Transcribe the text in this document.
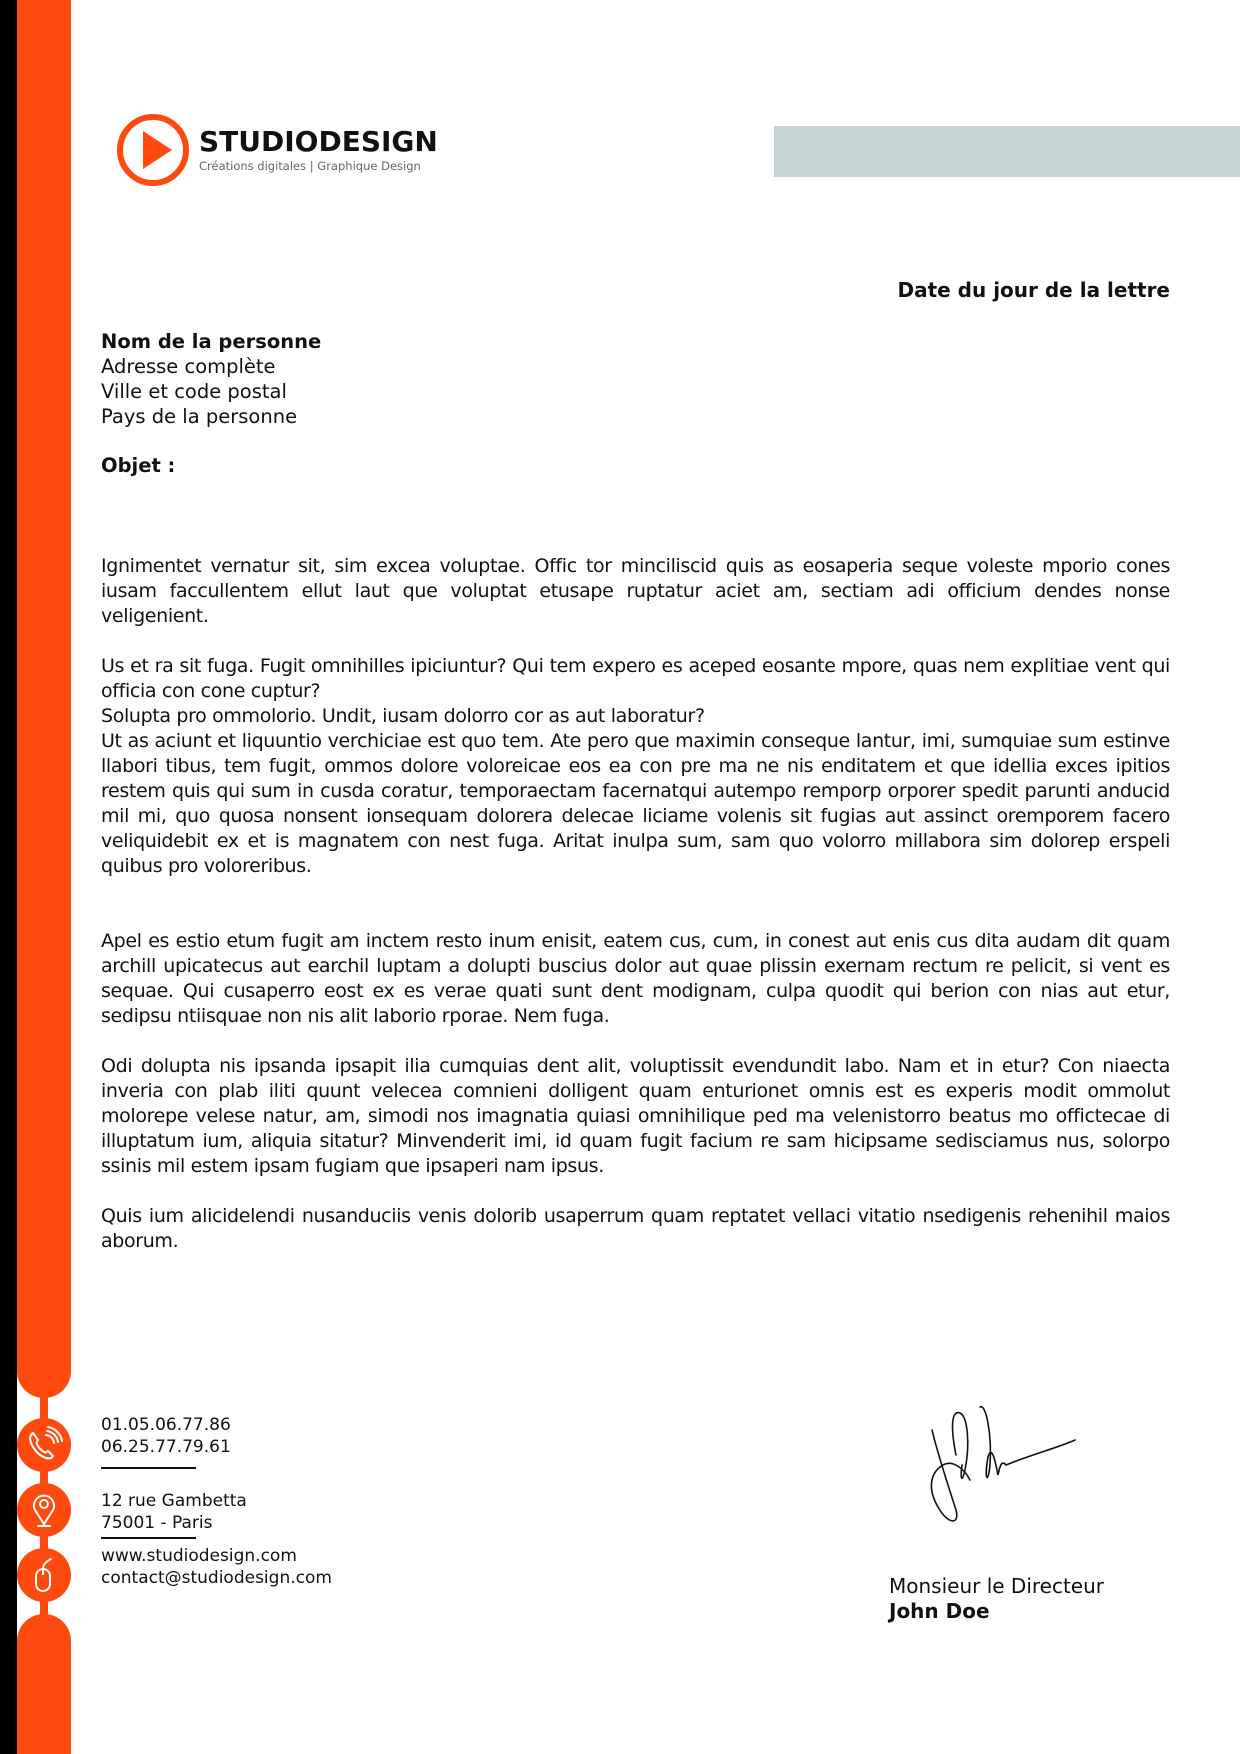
STUDIODESIGN
Créations digitales | Graphique Design
Date du jour de la lettre
Nom de la personne
Adresse complète
Ville et code postal
Pays de la personne
Objet :

Ignimentet vernatur sit, sim excea voluptae. Offic tor minciliscid quis as eosaperia seque voleste mporio cones iusam faccullentem ellut laut que voluptat etusape ruptatur aciet am, sectiam adi officium dendes nonse veligenient.

Us et ra sit fuga. Fugit omnihilles ipiciuntur? Qui tem expero es aceped eosante mpore, quas nem explitiae vent qui officia con cone cuptur?

Solupta pro ommolorio. Undit, iusam dolorro cor as aut laboratur?

Ut as aciunt et liquuntio verchiciae est quo tem. Ate pero que maximin conseque lantur, imi, sumquiae sum estinve llabori tibus, tem fugit, ommos dolore voloreicae eos ea con pre ma ne nis enditatem et que idellia exces ipitios restem quis qui sum in cusda coratur, temporaectam facernatqui autempo remporp orporer spedit parunti anducid mil mi, quo quosa nonsent ionsequam dolorera delecae liciame volenis sit fugias aut assinct oremporem facero veliquidebit ex et is magnatem con nest fuga. Aritat inulpa sum, sam quo volorro millabora sim dolorep erspeli quibus pro voloreribus.

Apel es estio etum fugit am inctem resto inum enisit, eatem cus, cum, in conest aut enis cus dita audam dit quam archill upicatecus aut earchil luptam a dolupti buscius dolor aut quae plissin exernam rectum re pelicit, si vent es sequae. Qui cusaperro eost ex es verae quati sunt dent modignam, culpa quodit qui berion con nias aut etur, sedipsu ntiisquae non nis alit laborio rporae. Nem fuga.

Odi dolupta nis ipsanda ipsapit ilia cumquias dent alit, voluptissit evendundit labo. Nam et in etur? Con niaecta inveria con plab iliti quunt velecea comnieni dolligent quam enturionet omnis est es experis modit ommolut molorepe velese natur, am, simodi nos imagnatia quiasi omnihilique ped ma velenistorro beatus mo offictecae di illuptatum ium, aliquia sitatur? Minvenderit imi, id quam fugit facium re sam hicipsame sedisciamus nus, solorpo ssinis mil estem ipsam fugiam que ipsaperi nam ipsus.

Quis ium alicidelendi nusanduciis venis dolorib usaperrum quam reptatet vellaci vitatio nsedigenis rehenihil maios aborum.

01.05.06.77.86
06.25.77.79.61
12 rue Gambetta
75001 - Paris
www.studiodesign.com
contact@studiodesign.com	Monsieur le Directeur
John Doe
